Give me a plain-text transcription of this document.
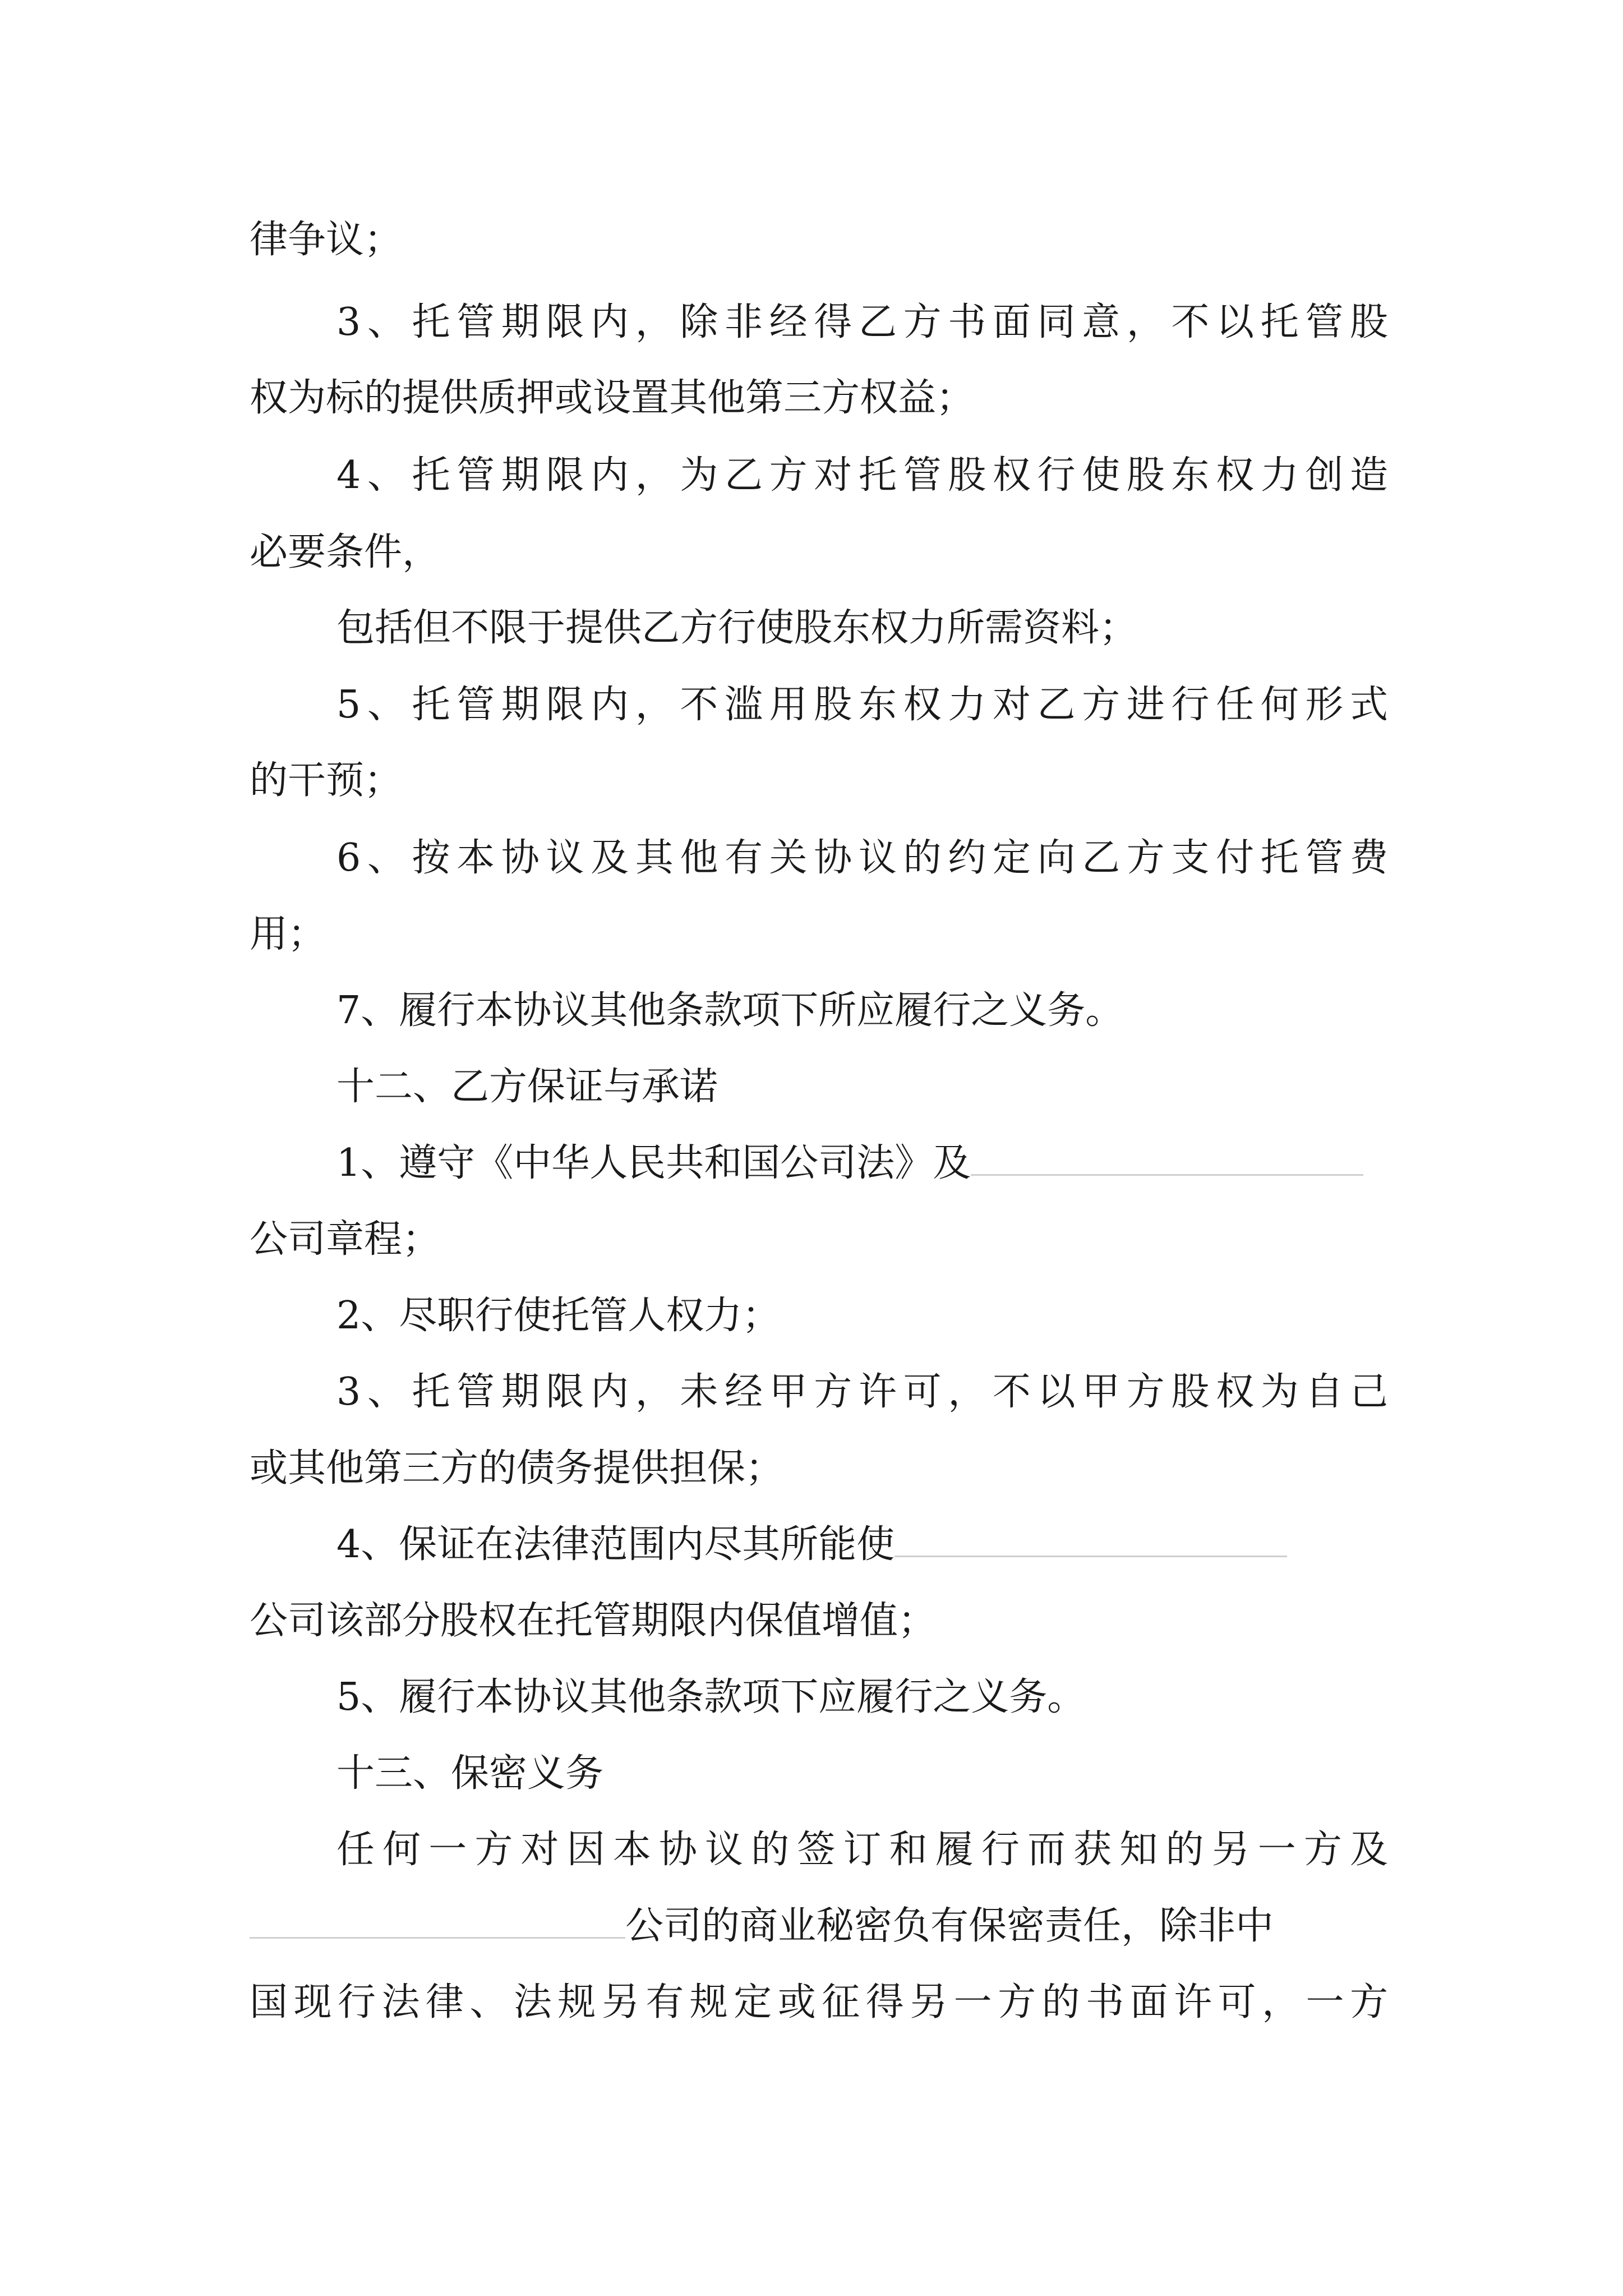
律争议；
3、托管期限内，除非经得乙方书面同意，不以托管股
权为标的提供质押或设置其他第三方权益；
4、托管期限内，为乙方对托管股权行使股东权力创造
必要条件，
包括但不限于提供乙方行使股东权力所需资料；
5、托管期限内，不滥用股东权力对乙方进行任何形式
的干预；
6、按本协议及其他有关协议的约定向乙方支付托管费
用；
7、履行本协议其他条款项下所应履行之义务。
十二、乙方保证与承诺
1、遵守《中华人民共和国公司法》及
公司章程；
2、尽职行使托管人权力；
3、托管期限内，未经甲方许可，不以甲方股权为自己
或其他第三方的债务提供担保；
4、保证在法律范围内尽其所能使
公司该部分股权在托管期限内保值增值；
5、履行本协议其他条款项下应履行之义务。
十三、保密义务
任何一方对因本协议的签订和履行而获知的另一方及
公司的商业秘密负有保密责任，除非中
国现行法律、法规另有规定或征得另一方的书面许可，一方
